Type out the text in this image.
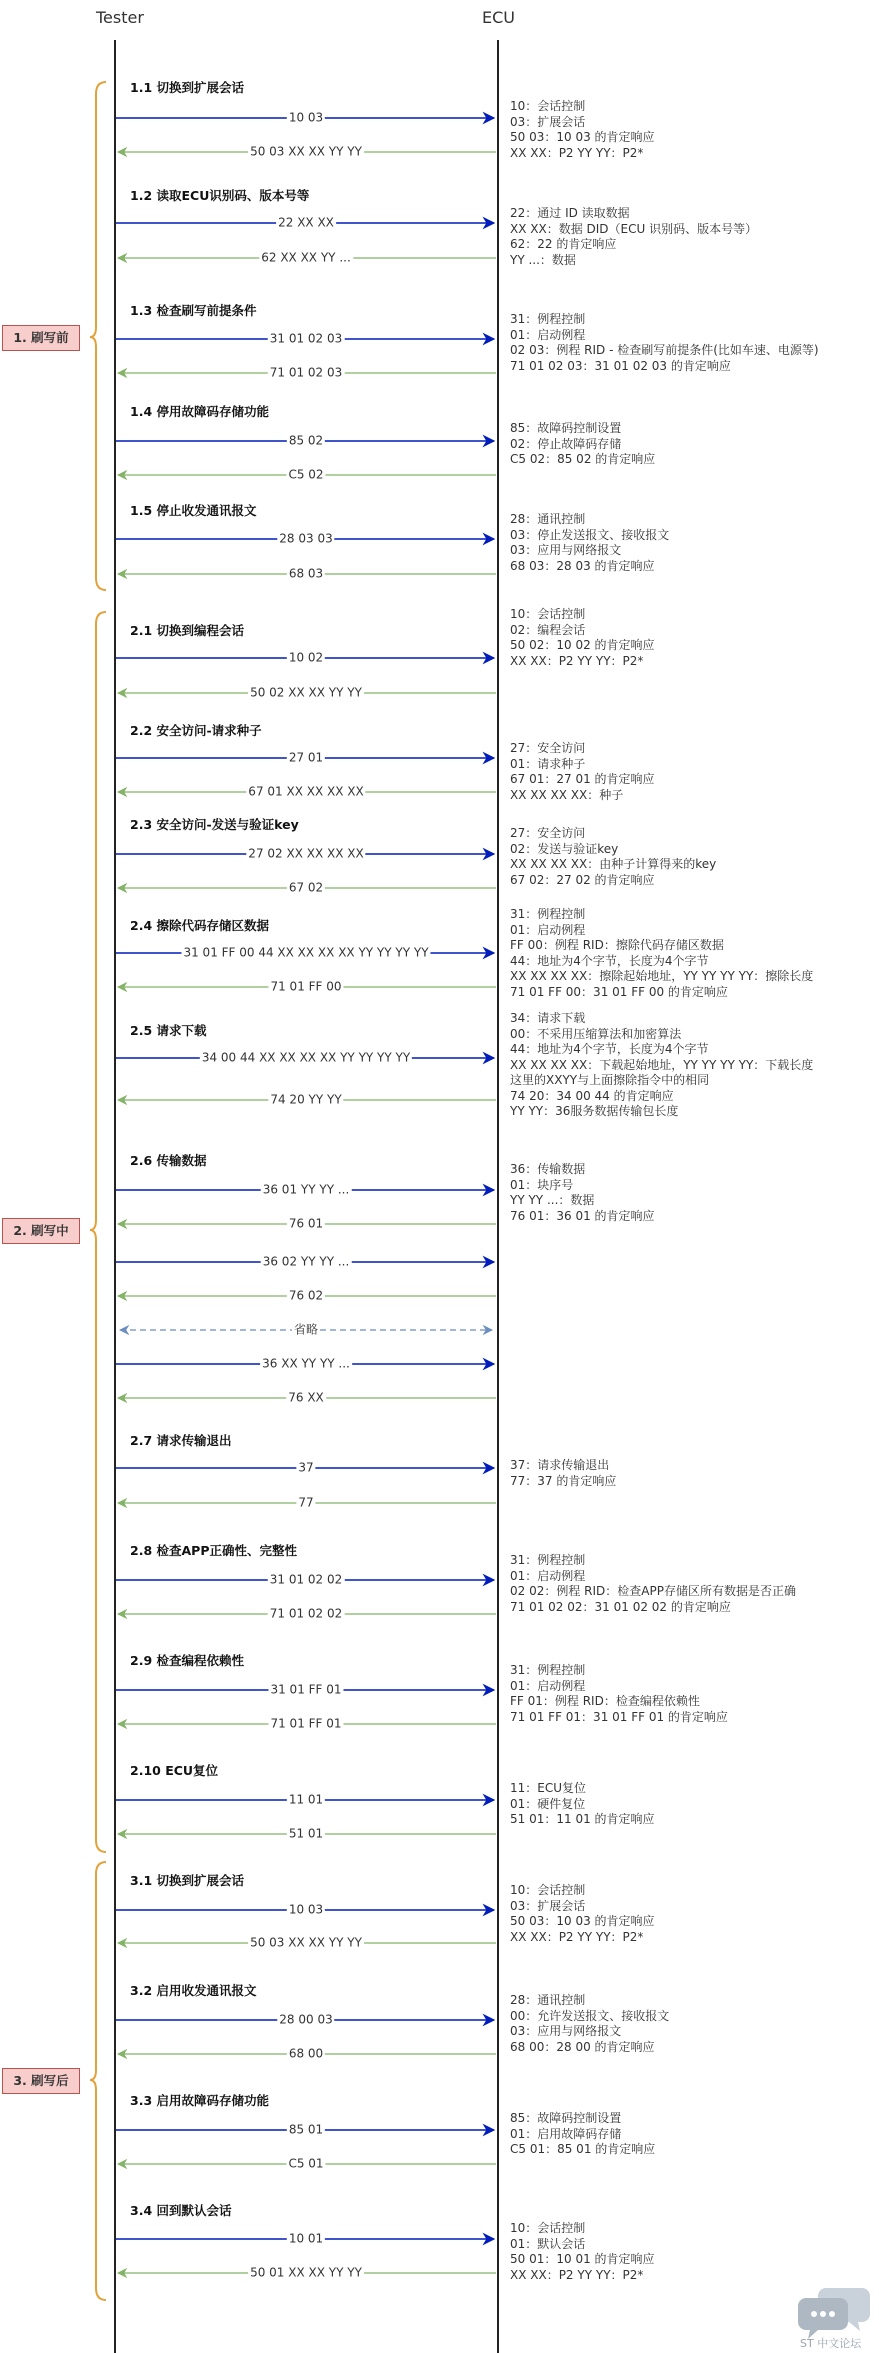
Tester	ECU
1. 刷写前
2. 刷写中
3. 刷写后
1.1 切换到扩展会话
10 03
50 03 XX XX YY YY
10：会话控制
03：扩展会话
50 03：10 03 的肯定响应
XX XX：P2 YY YY：P2*
1.2 读取ECU识别码、版本号等
22 XX XX
62 XX XX YY ...
22：通过 ID 读取数据
XX XX：数据 DID（ECU 识别码、版本号等）
62：22 的肯定响应
YY ...：数据
1.3 检查刷写前提条件
31 01 02 03
71 01 02 03
31：例程控制
01：启动例程
02 03：例程 RID - 检查刷写前提条件(比如车速、电源等)
71 01 02 03：31 01 02 03 的肯定响应
1.4 停用故障码存储功能
85 02
C5 02
85：故障码控制设置
02：停止故障码存储
C5 02：85 02 的肯定响应
1.5 停止收发通讯报文
28 03 03
68 03
28：通讯控制
03：停止发送报文、接收报文
03：应用与网络报文
68 03：28 03 的肯定响应
2.1 切换到编程会话
10 02
50 02 XX XX YY YY
10：会话控制
02：编程会话
50 02：10 02 的肯定响应
XX XX：P2 YY YY：P2*
2.2 安全访问-请求种子
27 01
67 01 XX XX XX XX
27：安全访问
01：请求种子
67 01：27 01 的肯定响应
XX XX XX XX：种子
2.3 安全访问-发送与验证key
27 02 XX XX XX XX
67 02
27：安全访问
02：发送与验证key
XX XX XX XX：由种子计算得来的key
67 02：27 02 的肯定响应
2.4 擦除代码存储区数据
31 01 FF 00 44 XX XX XX XX YY YY YY YY
71 01 FF 00
31：例程控制
01：启动例程
FF 00：例程 RID：擦除代码存储区数据
44：地址为4个字节，长度为4个字节
XX XX XX XX：擦除起始地址，YY YY YY YY：擦除长度
71 01 FF 00：31 01 FF 00 的肯定响应
2.5 请求下载
34 00 44 XX XX XX XX YY YY YY YY
74 20 YY YY
34：请求下载
00：不采用压缩算法和加密算法
44：地址为4个字节，长度为4个字节
XX XX XX XX：下载起始地址，YY YY YY YY：下载长度
这里的XXYY与上面擦除指令中的相同
74 20：34 00 44 的肯定响应
YY YY：36服务数据传输包长度
2.6 传输数据
36 01 YY YY ...
76 01
36 02 YY YY ...
76 02
省略
36 XX YY YY ...
76 XX
36：传输数据
01：块序号
YY YY ...：数据
76 01：36 01 的肯定响应
2.7 请求传输退出
37
77
37：请求传输退出
77：37 的肯定响应
2.8 检查APP正确性、完整性
31 01 02 02
71 01 02 02
31：例程控制
01：启动例程
02 02：例程 RID：检查APP存储区所有数据是否正确
71 01 02 02：31 01 02 02 的肯定响应
2.9 检查编程依赖性
31 01 FF 01
71 01 FF 01
31：例程控制
01：启动例程
FF 01：例程 RID：检查编程依赖性
71 01 FF 01：31 01 FF 01 的肯定响应
2.10 ECU复位
11 01
51 01
11：ECU复位
01：硬件复位
51 01：11 01 的肯定响应
3.1 切换到扩展会话
10 03
50 03 XX XX YY YY
10：会话控制
03：扩展会话
50 03：10 03 的肯定响应
XX XX：P2 YY YY：P2*
3.2 启用收发通讯报文
28 00 03
68 00
28：通讯控制
00：允许发送报文、接收报文
03：应用与网络报文
68 00：28 00 的肯定响应
3.3 启用故障码存储功能
85 01
C5 01
85：故障码控制设置
01：启用故障码存储
C5 01：85 01 的肯定响应
3.4 回到默认会话
10 01
50 01 XX XX YY YY
10：会话控制
01：默认会话
50 01：10 01 的肯定响应
XX XX：P2 YY YY：P2*
ST 中文论坛
